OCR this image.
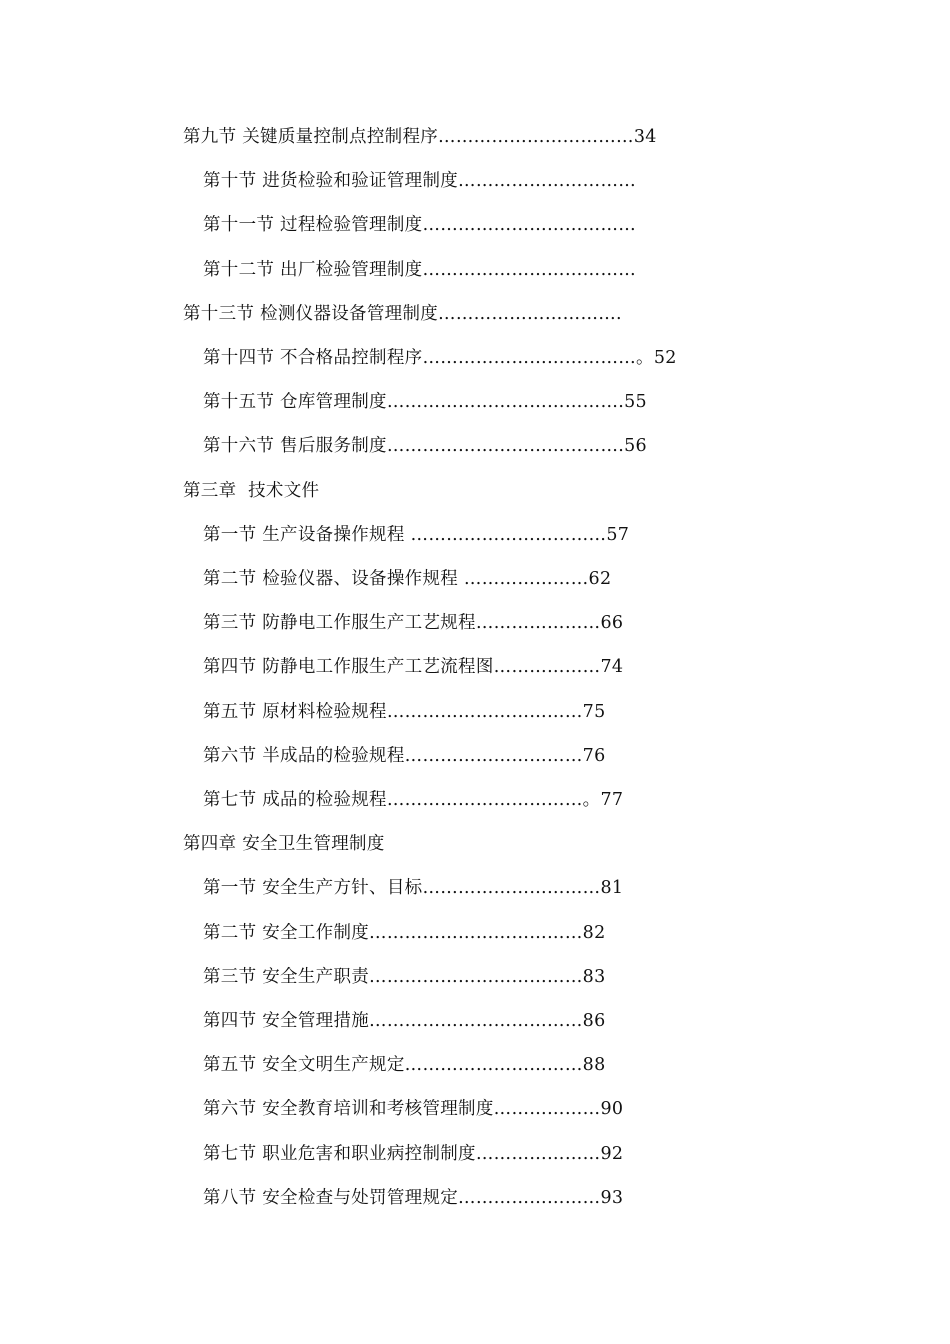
第九节 关键质量控制点控制程序……………………………34
第十节 进货检验和验证管理制度…………………………
第十一节 过程检验管理制度………………………………
第十二节 出厂检验管理制度………………………………
第十三节 检测仪器设备管理制度………………………….
第十四节 不合格品控制程序………………………………。52
第十五节 仓库管理制度………………………………….55
第十六节 售后服务制度………………………………….56
第三章  技术文件
第一节 生产设备操作规程 ……………………………57
第二节 检验仪器、设备操作规程 …………………62
第三节 防静电工作服生产工艺规程…………………66
第四节 防静电工作服生产工艺流程图………………74
第五节 原材料检验规程……………………………75
第六节 半成品的检验规程…………………………76
第七节 成品的检验规程……………………………。77
第四章 安全卫生管理制度
第一节 安全生产方针、目标…………………………81
第二节 安全工作制度………………………………82
第三节 安全生产职责………………………………83
第四节 安全管理措施………………………………86
第五节 安全文明生产规定…………………………88
第六节 安全教育培训和考核管理制度………………90
第七节 职业危害和职业病控制制度…………………92
第八节 安全检查与处罚管理规定……………………93
